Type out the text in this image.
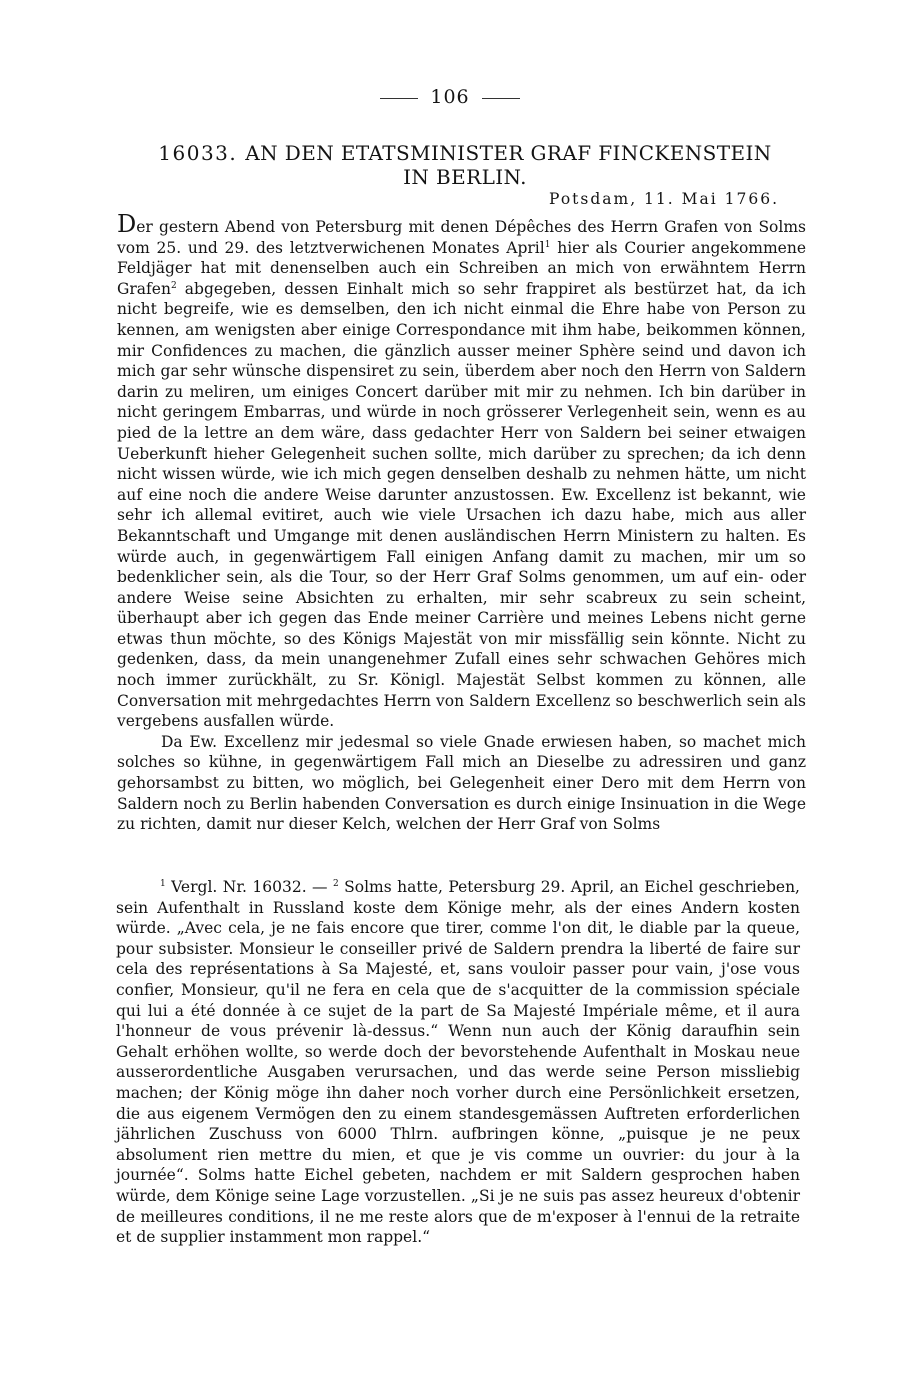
106
16033. AN DEN ETATSMINISTER GRAF FINCKENSTEIN
IN BERLIN.
Potsdam, 11. Mai 1766.

Der gestern Abend von Petersburg mit denen Dépêches des Herrn Grafen von Solms vom 25. und 29. des letztverwichenen Monates April$^1$ hier als Courier angekommene Feldjäger hat mit denenselben auch ein Schreiben an mich von erwähntem Herrn Grafen$^2$ abgegeben, dessen Einhalt mich so sehr frappiret als bestürzet hat, da ich nicht begreife, wie es demselben, den ich nicht einmal die Ehre habe von Person zu kennen, am wenigsten aber einige Correspondance mit ihm habe, beikommen können, mir Confidences zu machen, die gänzlich ausser meiner Sphère seind und davon ich mich gar sehr wünsche dispensiret zu sein, überdem aber noch den Herrn von Saldern darin zu meliren, um einiges Concert darüber mit mir zu nehmen. Ich bin darüber in nicht geringem Embarras, und würde in noch grösserer Verlegenheit sein, wenn es au pied de la lettre an dem wäre, dass gedachter Herr von Saldern bei seiner etwaigen Ueberkunft hieher Gelegenheit suchen sollte, mich darüber zu sprechen; da ich denn nicht wissen würde, wie ich mich gegen denselben deshalb zu nehmen hätte, um nicht auf eine noch die andere Weise darunter anzustossen. Ew. Excellenz ist bekannt, wie sehr ich allemal evitiret, auch wie viele Ursachen ich dazu habe, mich aus aller Bekanntschaft und Umgange mit denen ausländischen Herrn Ministern zu halten. Es würde auch, in gegenwärtigem Fall einigen Anfang damit zu machen, mir um so bedenklicher sein, als die Tour, so der Herr Graf Solms genommen, um auf ein- oder andere Weise seine Absichten zu erhalten, mir sehr scabreux zu sein scheint, überhaupt aber ich gegen das Ende meiner Carrière und meines Lebens nicht gerne etwas thun möchte, so des Königs Majestät von mir missfällig sein könnte. Nicht zu gedenken, dass, da mein unangenehmer Zufall eines sehr schwachen Gehöres mich noch immer zurückhält, zu Sr. Königl. Majestät Selbst kommen zu können, alle Conversation mit mehrgedachtes Herrn von Saldern Excellenz so beschwerlich sein als vergebens ausfallen würde.

Da Ew. Excellenz mir jedesmal so viele Gnade erwiesen haben, so machet mich solches so kühne, in gegenwärtigem Fall mich an Dieselbe zu adressiren und ganz gehorsambst zu bitten, wo möglich, bei Gelegenheit einer Dero mit dem Herrn von Saldern noch zu Berlin habenden Conversation es durch einige Insinuation in die Wege zu richten, damit nur dieser Kelch, welchen der Herr Graf von Solms

$^1$ Vergl. Nr. 16032. — $^2$ Solms hatte, Petersburg 29. April, an Eichel geschrieben, sein Aufenthalt in Russland koste dem Könige mehr, als der eines Andern kosten würde. „Avec cela, je ne fais encore que tirer, comme l'on dit, le diable par la queue, pour subsister. Monsieur le conseiller privé de Saldern prendra la liberté de faire sur cela des représentations à Sa Majesté, et, sans vouloir passer pour vain, j'ose vous confier, Monsieur, qu'il ne fera en cela que de s'acquitter de la commission spéciale qui lui a été donnée à ce sujet de la part de Sa Majesté Impériale même, et il aura l'honneur de vous prévenir là-dessus.“ Wenn nun auch der König daraufhin sein Gehalt erhöhen wollte, so werde doch der bevorstehende Aufenthalt in Moskau neue ausserordentliche Ausgaben verursachen, und das werde seine Person missliebig machen; der König möge ihn daher noch vorher durch eine Persönlichkeit ersetzen, die aus eigenem Vermögen den zu einem standesgemässen Auftreten erforderlichen jährlichen Zuschuss von 6000 Thlrn. aufbringen könne, „puisque je ne peux absolument rien mettre du mien, et que je vis comme un ouvrier: du jour à la journée“. Solms hatte Eichel gebeten, nachdem er mit Saldern gesprochen haben würde, dem Könige seine Lage vorzustellen. „Si je ne suis pas assez heureux d'obtenir de meilleures conditions, il ne me reste alors que de m'exposer à l'ennui de la retraite et de supplier instamment mon rappel.“
